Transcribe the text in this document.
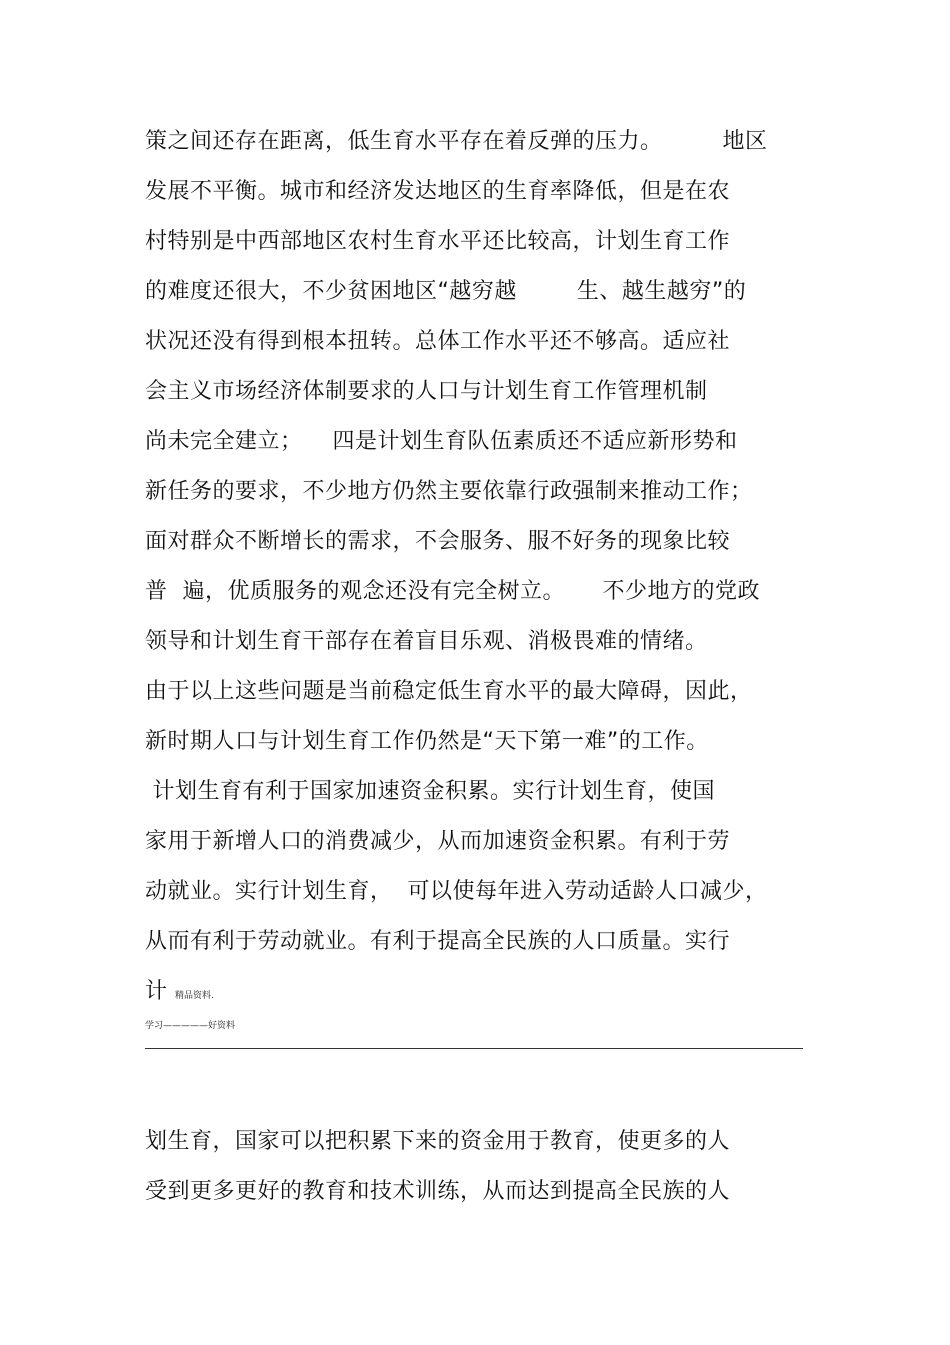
策之间还存在距离，低生育水平存在着反弹的压力。        地区
发展不平衡。城市和经济发达地区的生育率降低，但是在农
村特别是中西部地区农村生育水平还比较高，计划生育工作
的难度还很大，不少贫困地区“越穷越        生、越生越穷”的
状况还没有得到根本扭转。总体工作水平还不够高。适应社
会主义市场经济体制要求的人口与计划生育工作管理机制
尚未完全建立；    四是计划生育队伍素质还不适应新形势和
新任务的要求，不少地方仍然主要依靠行政强制来推动工作；
面对群众不断增长的需求，不会服务、服不好务的现象比较
普  遍，优质服务的观念还没有完全树立。     不少地方的党政
领导和计划生育干部存在着盲目乐观、消极畏难的情绪。
由于以上这些问题是当前稳定低生育水平的最大障碍，因此，
新时期人口与计划生育工作仍然是“天下第一难”的工作。
计划生育有利于国家加速资金积累。实行计划生育，使国
家用于新增人口的消费减少，从而加速资金积累。有利于劳
动就业。实行计划生育，  可以使每年进入劳动适龄人口减少，
从而有利于劳动就业。有利于提高全民族的人口质量。实行
计 精品资料.
学习—————好资料
划生育，国家可以把积累下来的资金用于教育，使更多的人
受到更多更好的教育和技术训练，从而达到提高全民族的人
